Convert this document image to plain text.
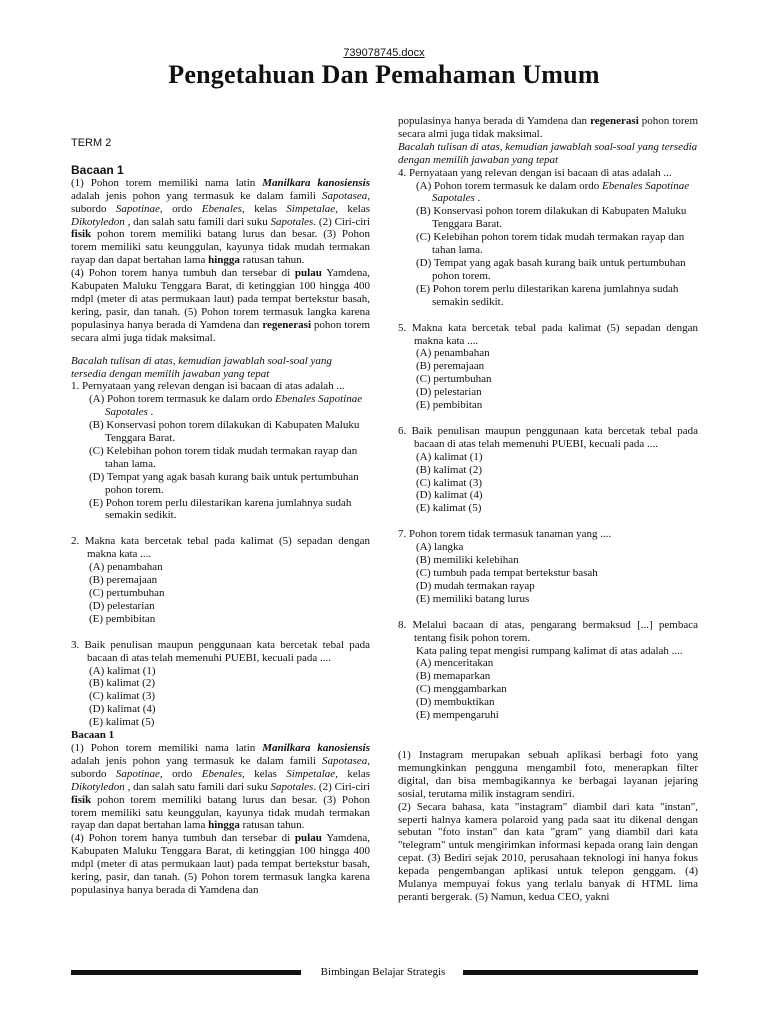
739078745.docx
Pengetahuan Dan Pemahaman Umum
TERM 2

Bacaan 1

(1) Pohon torem memiliki nama latin Manilkara kanosiensis adalah jenis pohon yang termasuk ke dalam famili Sapotasea, subordo Sapotinae, ordo Ebenales, kelas Simpetalae, kelas Dikotyledon , dan salah satu famili dari suku Sapotales. (2) Ciri-ciri fisik pohon torem memiliki batang lurus dan besar. (3) Pohon torem memiliki satu keunggulan, kayunya tidak mudah termakan rayap dan dapat bertahan lama hingga ratusan tahun.

(4) Pohon torem hanya tumbuh dan tersebar di pulau Yamdena, Kabupaten Maluku Tenggara Barat, di ketinggian 100 hingga 400 mdpl (meter di atas permukaan laut) pada tempat bertekstur basah, kering, pasir, dan tanah. (5) Pohon torem termasuk langka karena populasinya hanya berada di Yamdena dan regenerasi pohon torem secara almi juga tidak maksimal.

Bacalah tulisan di atas, kemudian jawablah soal-soal yang tersedia dengan memilih jawaban yang tepat

1. Pernyataan yang relevan dengan isi bacaan di atas adalah ...

(A) Pohon torem termasuk ke dalam ordo Ebenales Sapotinae Sapotales .

(B) Konservasi pohon torem dilakukan di Kabupaten Maluku Tenggara Barat.

(C) Kelebihan pohon torem tidak mudah termakan rayap dan tahan lama.

(D) Tempat yang agak basah kurang baik untuk pertumbuhan pohon torem.

(E) Pohon torem perlu dilestarikan karena jumlahnya sudah semakin sedikit.

2. Makna kata bercetak tebal pada kalimat (5) sepadan dengan makna kata ....

(A) penambahan

(B) peremajaan

(C) pertumbuhan

(D) pelestarian

(E) pembibitan

3. Baik penulisan maupun penggunaan kata bercetak tebal pada bacaan di atas telah memenuhi PUEBI, kecuali pada ....

(A) kalimat (1)

(B) kalimat (2)

(C) kalimat (3)

(D) kalimat (4)

(E) kalimat (5)

Bacaan 1

(1) Pohon torem memiliki nama latin Manilkara kanosiensis adalah jenis pohon yang termasuk ke dalam famili Sapotasea, subordo Sapotinae, ordo Ebenales, kelas Simpetalae, kelas Dikotyledon , dan salah satu famili dari suku Sapotales. (2) Ciri-ciri fisik pohon torem memiliki batang lurus dan besar. (3) Pohon torem memiliki satu keunggulan, kayunya tidak mudah termakan rayap dan dapat bertahan lama hingga ratusan tahun.

(4) Pohon torem hanya tumbuh dan tersebar di pulau Yamdena, Kabupaten Maluku Tenggara Barat, di ketinggian 100 hingga 400 mdpl (meter di atas permukaan laut) pada tempat bertekstur basah, kering, pasir, dan tanah. (5) Pohon torem termasuk langka karena populasinya hanya berada di Yamdena dan

populasinya hanya berada di Yamdena dan regenerasi pohon torem secara almi juga tidak maksimal.

Bacalah tulisan di atas, kemudian jawablah soal-soal yang tersedia dengan memilih jawaban yang tepat

4. Pernyataan yang relevan dengan isi bacaan di atas adalah ...

(A) Pohon torem termasuk ke dalam ordo Ebenales Sapotinae Sapotales .

(B) Konservasi pohon torem dilakukan di Kabupaten Maluku Tenggara Barat.

(C) Kelebihan pohon torem tidak mudah termakan rayap dan tahan lama.

(D) Tempat yang agak basah kurang baik untuk pertumbuhan pohon torem.

(E) Pohon torem perlu dilestarikan karena jumlahnya sudah semakin sedikit.

5. Makna kata bercetak tebal pada kalimat (5) sepadan dengan makna kata ....

(A) penambahan

(B) peremajaan

(C) pertumbuhan

(D) pelestarian

(E) pembibitan

6. Baik penulisan maupun penggunaan kata bercetak tebal pada bacaan di atas telah memenuhi PUEBI, kecuali pada ....

(A) kalimat (1)

(B) kalimat (2)

(C) kalimat (3)

(D) kalimat (4)

(E) kalimat (5)

7. Pohon torem tidak termasuk tanaman yang ....

(A) langka

(B) memiliki kelebihan

(C) tumbuh pada tempat bertekstur basah

(D) mudah termakan rayap

(E) memiliki batang lurus

8. Melalui bacaan di atas, pengarang bermaksud [...] pembaca tentang fisik pohon torem.

Kata paling tepat mengisi rumpang kalimat di atas adalah ....

(A) menceritakan

(B) memaparkan

(C) menggambarkan

(D) membuktikan

(E) mempengaruhi

(1) Instagram merupakan sebuah aplikasi berbagi foto yang memungkinkan pengguna mengambil foto, menerapkan filter digital, dan bisa membagikannya ke berbagai layanan jejaring sosial, terutama milik instagram sendiri.

(2) Secara bahasa, kata "instagram" diambil dari kata "instan", seperti halnya kamera polaroid yang pada saat itu dikenal dengan sebutan "foto instan" dan kata "gram" yang diambil dari kata "telegram" untuk mengirimkan informasi kepada orang lain dengan cepat. (3) Bediri sejak 2010, perusahaan teknologi ini hanya fokus kepada pengembangan aplikasi untuk telepon genggam. (4) Mulanya mempuyai fokus yang terlalu banyak di HTML lima peranti bergerak. (5) Namun, kedua CEO, yakni

Bimbingan Belajar Strategis
